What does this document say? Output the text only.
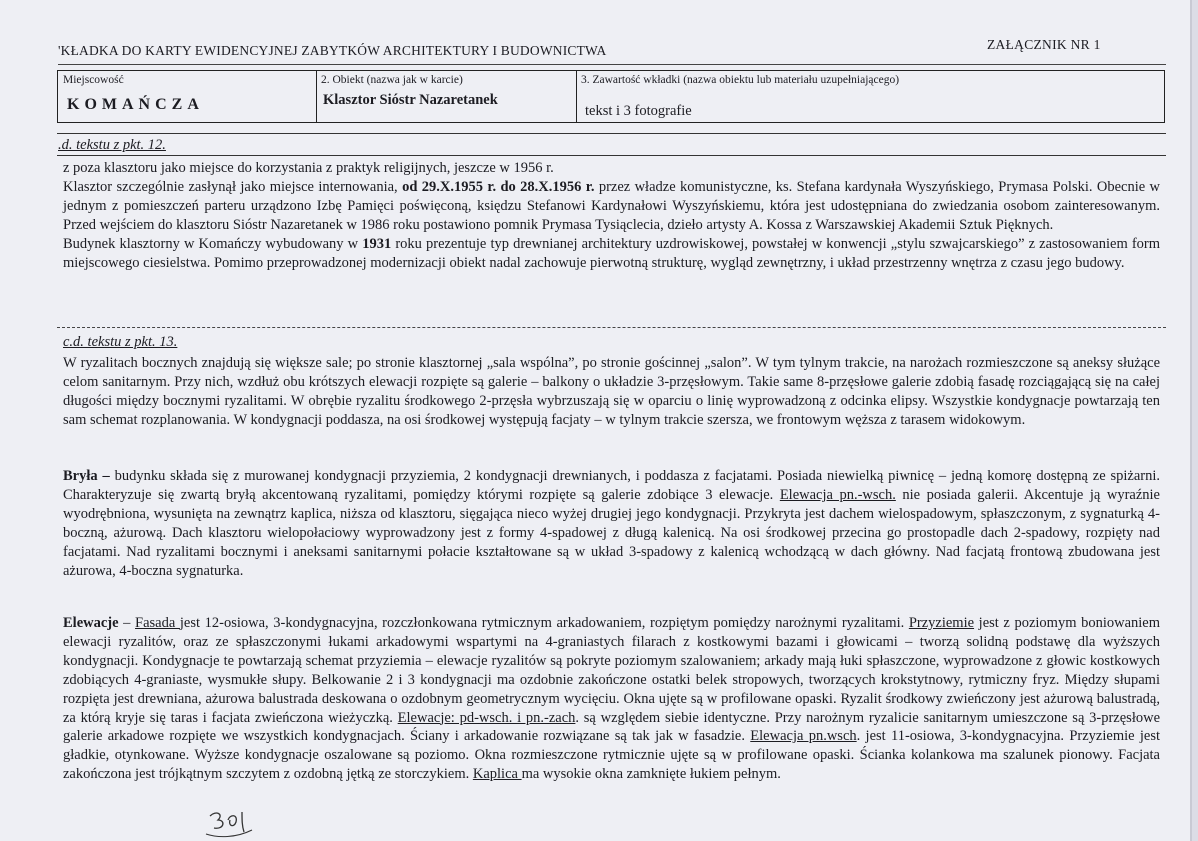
'KŁADKA DO KARTY EWIDENCYJNEJ ZABYTKÓW ARCHITEKTURY I BUDOWNICTWA	ZAŁĄCZNIK NR 1
Miejscowość
KOMAŃCZA
2. Obiekt (nazwa jak w karcie)
Klasztor Sióstr Nazaretanek
3. Zawartość wkładki (nazwa obiektu lub materiału uzupełniającego)
tekst i 3 fotografie
.d. tekstu z pkt. 12.

z poza klasztoru jako miejsce do korzystania z praktyk religijnych, jeszcze w 1956 r.
Klasztor szczególnie zasłynął jako miejsce internowania, od 29.X.1955 r. do 28.X.1956 r. przez władze komunistyczne, ks. Stefana kardynała Wyszyńskiego, Prymasa Polski. Obecnie w jednym z pomieszczeń parteru urządzono Izbę Pamięci poświęconą, księdzu Stefanowi Kardynałowi Wyszyńskiemu, która jest udostępniana do zwiedzania osobom zainteresowanym. Przed wejściem do klasztoru Sióstr Nazaretanek w 1986 roku postawiono pomnik Prymasa Tysiąclecia, dzieło artysty A. Kossa z Warszawskiej Akademii Sztuk Pięknych.
Budynek klasztorny w Komańczy wybudowany w 1931 roku prezentuje typ drewnianej architektury uzdrowiskowej, powstałej w konwencji „stylu szwajcarskiego” z zastosowaniem form miejscowego ciesielstwa. Pomimo przeprowadzonej modernizacji obiekt nadal zachowuje pierwotną strukturę, wygląd zewnętrzny, i układ przestrzenny wnętrza z czasu jego budowy.

c.d. tekstu z pkt. 13.

W ryzalitach bocznych znajdują się większe sale; po stronie klasztornej „sala wspólna”, po stronie gościnnej „salon”. W tym tylnym trakcie, na narożach rozmieszczone są aneksy służące celom sanitarnym. Przy nich, wzdłuż obu krótszych elewacji rozpięte są galerie – balkony o układzie 3-przęsłowym. Takie same 8-przęsłowe galerie zdobią fasadę rozciągającą się na całej długości między bocznymi ryzalitami. W obrębie ryzalitu środkowego 2-przęsła wybrzuszają się w oparciu o linię wyprowadzoną z odcinka elipsy. Wszystkie kondygnacje powtarzają ten sam schemat rozplanowania. W kondygnacji poddasza, na osi środkowej występują facjaty – w tylnym trakcie szersza, we frontowym węższa z tarasem widokowym.

Bryła – budynku składa się z murowanej kondygnacji przyziemia, 2 kondygnacji drewnianych, i poddasza z facjatami. Posiada niewielką piwnicę – jedną komorę dostępną ze spiżarni. Charakteryzuje się zwartą bryłą akcentowaną ryzalitami, pomiędzy którymi rozpięte są galerie zdobiące 3 elewacje. Elewacja pn.-wsch. nie posiada galerii. Akcentuje ją wyraźnie wyodrębniona, wysunięta na zewnątrz kaplica, niższa od klasztoru, sięgająca nieco wyżej drugiej jego kondygnacji. Przykryta jest dachem wielospadowym, spłaszczonym, z sygnaturką 4-boczną, ażurową. Dach klasztoru wielopołaciowy wyprowadzony jest z formy 4-spadowej z długą kalenicą. Na osi środkowej przecina go prostopadle dach 2-spadowy, rozpięty nad facjatami. Nad ryzalitami bocznymi i aneksami sanitarnymi połacie kształtowane są w układ 3-spadowy z kalenicą wchodzącą w dach główny. Nad facjatą frontową zbudowana jest ażurowa, 4-boczna sygnaturka.

Elewacje – Fasada jest 12-osiowa, 3-kondygnacyjna, rozczłonkowana rytmicznym arkadowaniem, rozpiętym pomiędzy narożnymi ryzalitami. Przyziemie jest z poziomym boniowaniem elewacji ryzalitów, oraz ze spłaszczonymi łukami arkadowymi wspartymi na 4-graniastych filarach z kostkowymi bazami i głowicami – tworzą solidną podstawę dla wyższych kondygnacji. Kondygnacje te powtarzają schemat przyziemia – elewacje ryzalitów są pokryte poziomym szalowaniem; arkady mają łuki spłaszczone, wyprowadzone z głowic kostkowych zdobiących 4-graniaste, wysmukłe słupy. Belkowanie 2 i 3 kondygnacji ma ozdobnie zakończone ostatki belek stropowych, tworzących krokstytnowy, rytmiczny fryz. Między słupami rozpięta jest drewniana, ażurowa balustrada deskowana o ozdobnym geometrycznym wycięciu. Okna ujęte są w profilowane opaski. Ryzalit środkowy zwieńczony jest ażurową balustradą, za którą kryje się taras i facjata zwieńczona wieżyczką. Elewacje: pd-wsch. i pn.-zach. są względem siebie identyczne. Przy narożnym ryzalicie sanitarnym umieszczone są 3-przęsłowe galerie arkadowe rozpięte we wszystkich kondygnacjach. Ściany i arkadowanie rozwiązane są tak jak w fasadzie. Elewacja pn.wsch. jest 11-osiowa, 3-kondygnacyjna. Przyziemie jest gładkie, otynkowane. Wyższe kondygnacje oszalowane są poziomo. Okna rozmieszczone rytmicznie ujęte są w profilowane opaski. Ścianka kolankowa ma szalunek pionowy. Facjata zakończona jest trójkątnym szczytem z ozdobną jętką ze storczykiem. Kaplica ma wysokie okna zamknięte łukiem pełnym.
